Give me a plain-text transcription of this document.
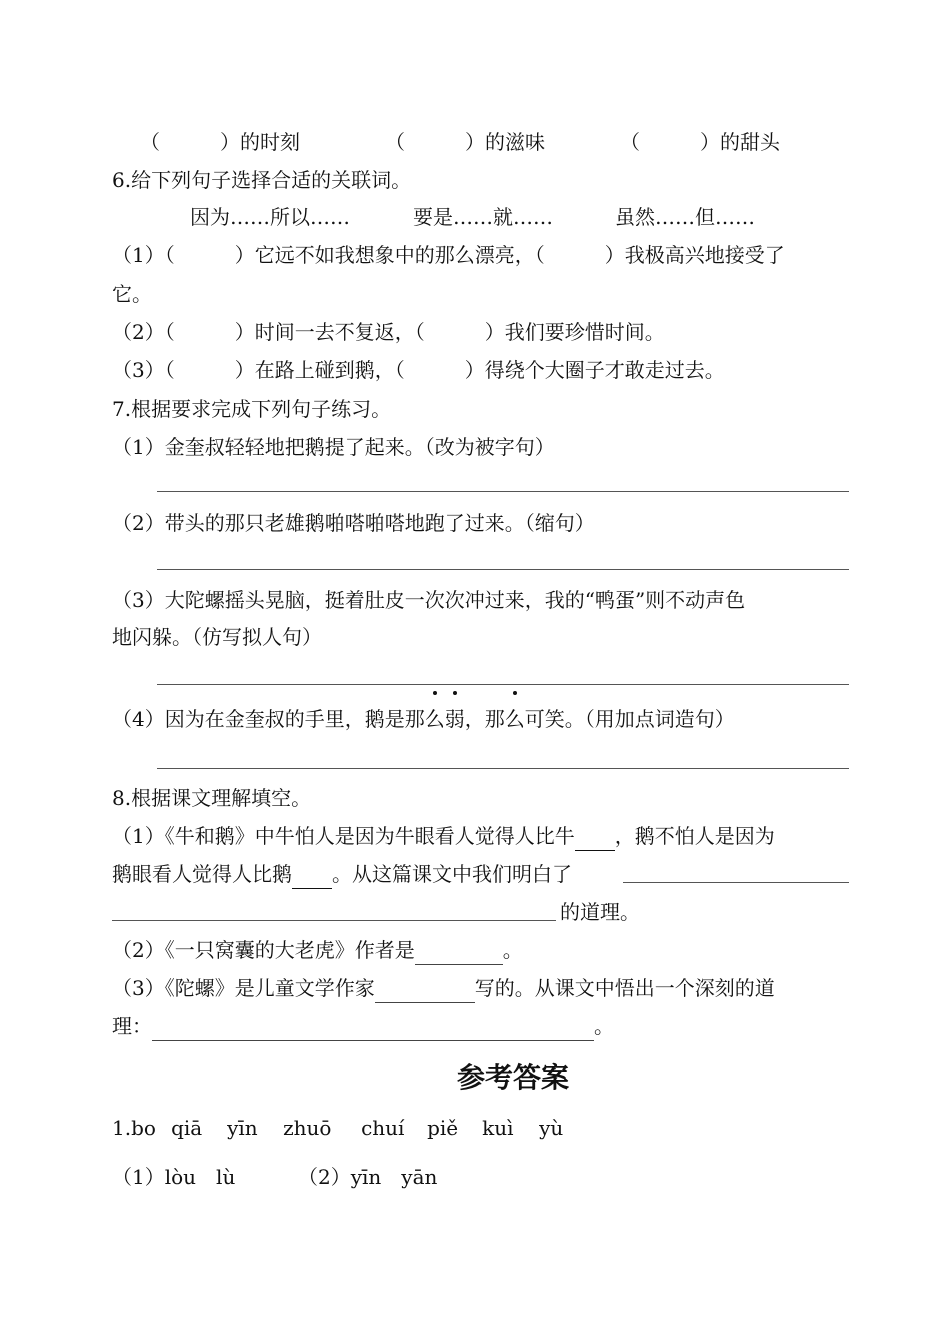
（　　　）的时刻	（　　　）的滋味	（　　　）的甜头
6.给下列句子选择合适的关联词。
因为……所以……	要是……就……	虽然……但……
（1）（　　　）它远不如我想象中的那么漂亮，（　　　）我极高兴地接受了
它。
（2）（　　　）时间一去不复返，（　　　）我们要珍惜时间。
（3）（　　　）在路上碰到鹅，（　　　）得绕个大圈子才敢走过去。
7.根据要求完成下列句子练习。
（1）金奎叔轻轻地把鹅提了起来。（改为被字句）
（2）带头的那只老雄鹅啪嗒啪嗒地跑了过来。（缩句）
（3）大陀螺摇头晃脑，挺着肚皮一次次冲过来，我的“鸭蛋”则不动声色
地闪躲。（仿写拟人句）
（4）因为在金奎叔的手里，鹅是那么弱，那么可笑。（用加点词造句）
8.根据课文理解填空。
（1）《牛和鹅》中牛怕人是因为牛眼看人觉得人比牛 ，鹅不怕人是因为
鹅眼看人觉得人比鹅 。从这篇课文中我们明白了
的道理。
（2）《一只窝囊的大老虎》作者是	。
（3）《陀螺》是儿童文学作家	写的。从课文中悟出一个深刻的道
理：	。
参考答案
1.bo qiā yīn zhuō chuí piě kuì yù
（1）lòu　lù	（2）yīn　yān
